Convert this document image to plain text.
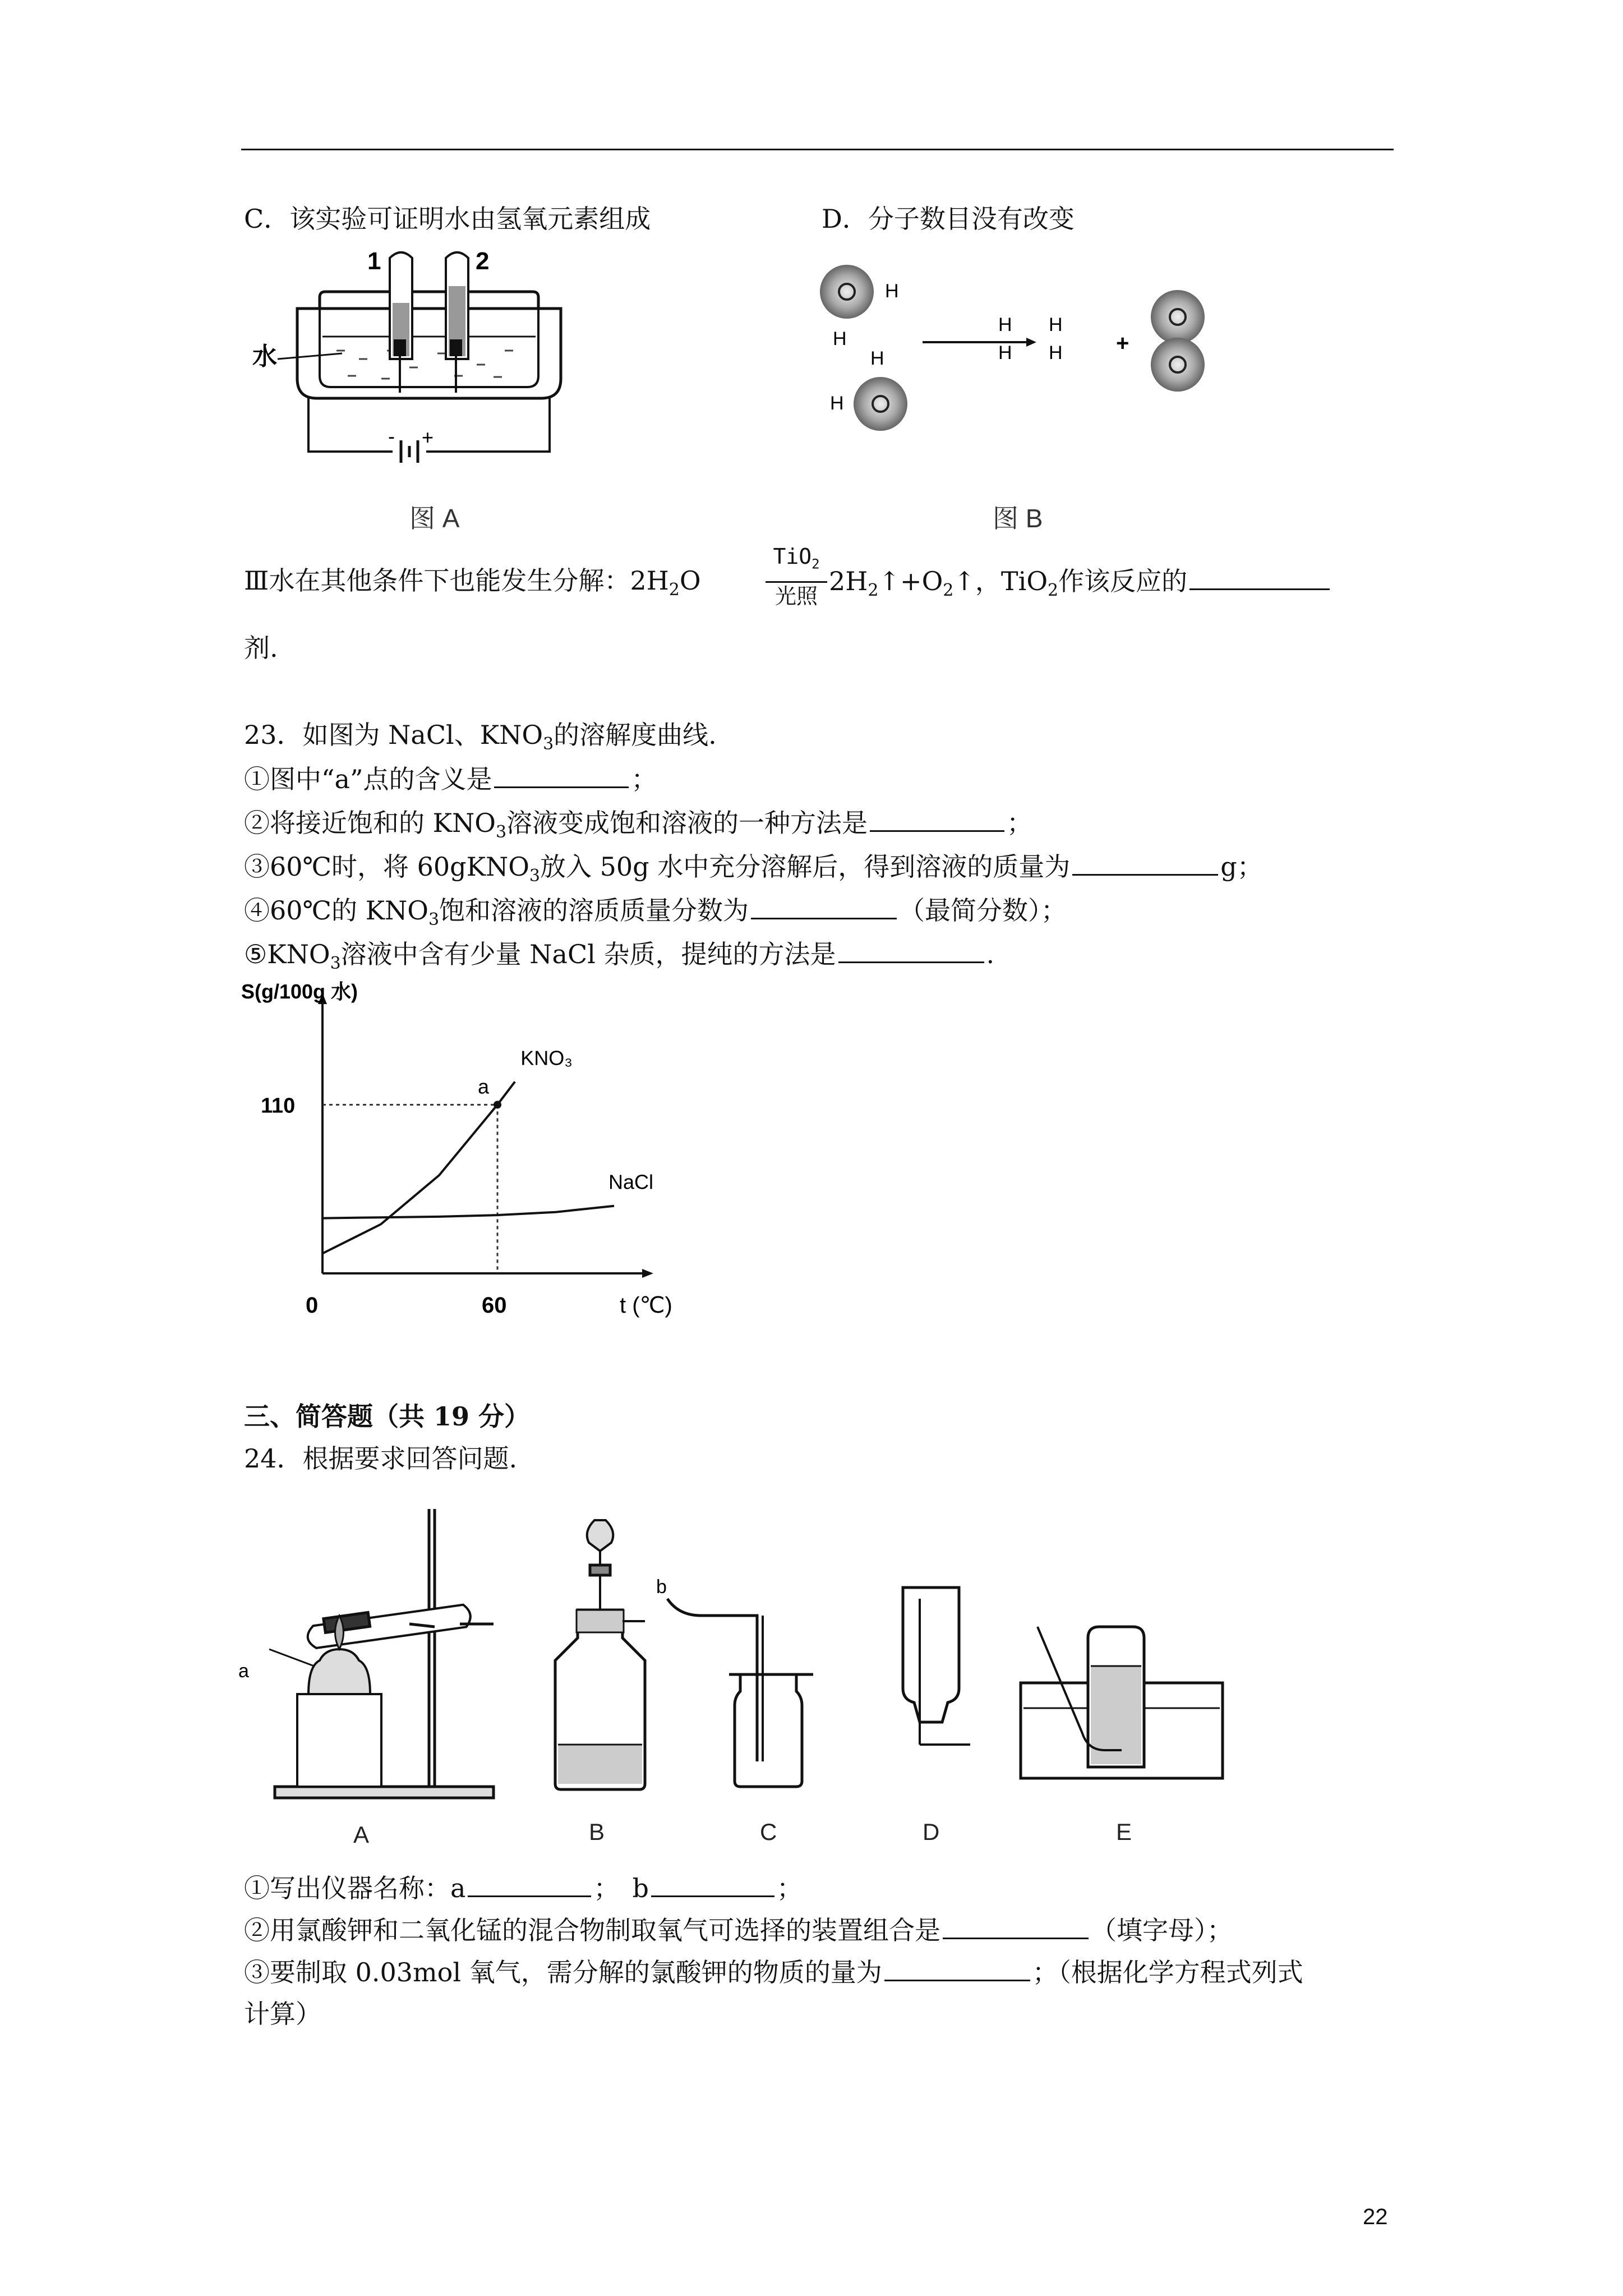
C．该实验可证明水由氢氧元素组成	D．分子数目没有改变
1	2
水
- +
图 A
H
H
H
H
H H
H H +
图 B
Ⅲ水在其他条件下也能发生分解：$2H_2O$
TiO$_2$
光照 $2H_2↑+O_2↑$，TiO$_2$作该反应的
剂.
23．如图为 NaCl、$KNO_3$的溶解度曲线.
①图中“a”点的含义是	；
②将接近饱和的 $KNO_3$溶液变成饱和溶液的一种方法是	；
③60℃时，将 60gKNO$_3$放入 50g 水中充分溶解后，得到溶液的质量为	g；
④60℃的 $KNO_3$饱和溶液的溶质质量分数为	（最简分数）；
$⑤KNO_3$溶液中含有少量 NaCl 杂质，提纯的方法是	.
S(g/100g 水)
t (℃)
0	60
110
KNO₃
NaCl
a
三、简答题（共 19 分）
24．根据要求回答问题.
a
b
A	B	C	D	E
①写出仪器名称：a	；　b	；
②用氯酸钾和二氧化锰的混合物制取氧气可选择的装置组合是	（填字母）；
③要制取 0.03mol 氧气，需分解的氯酸钾的物质的量为	；（根据化学方程式列式
计算）
22
